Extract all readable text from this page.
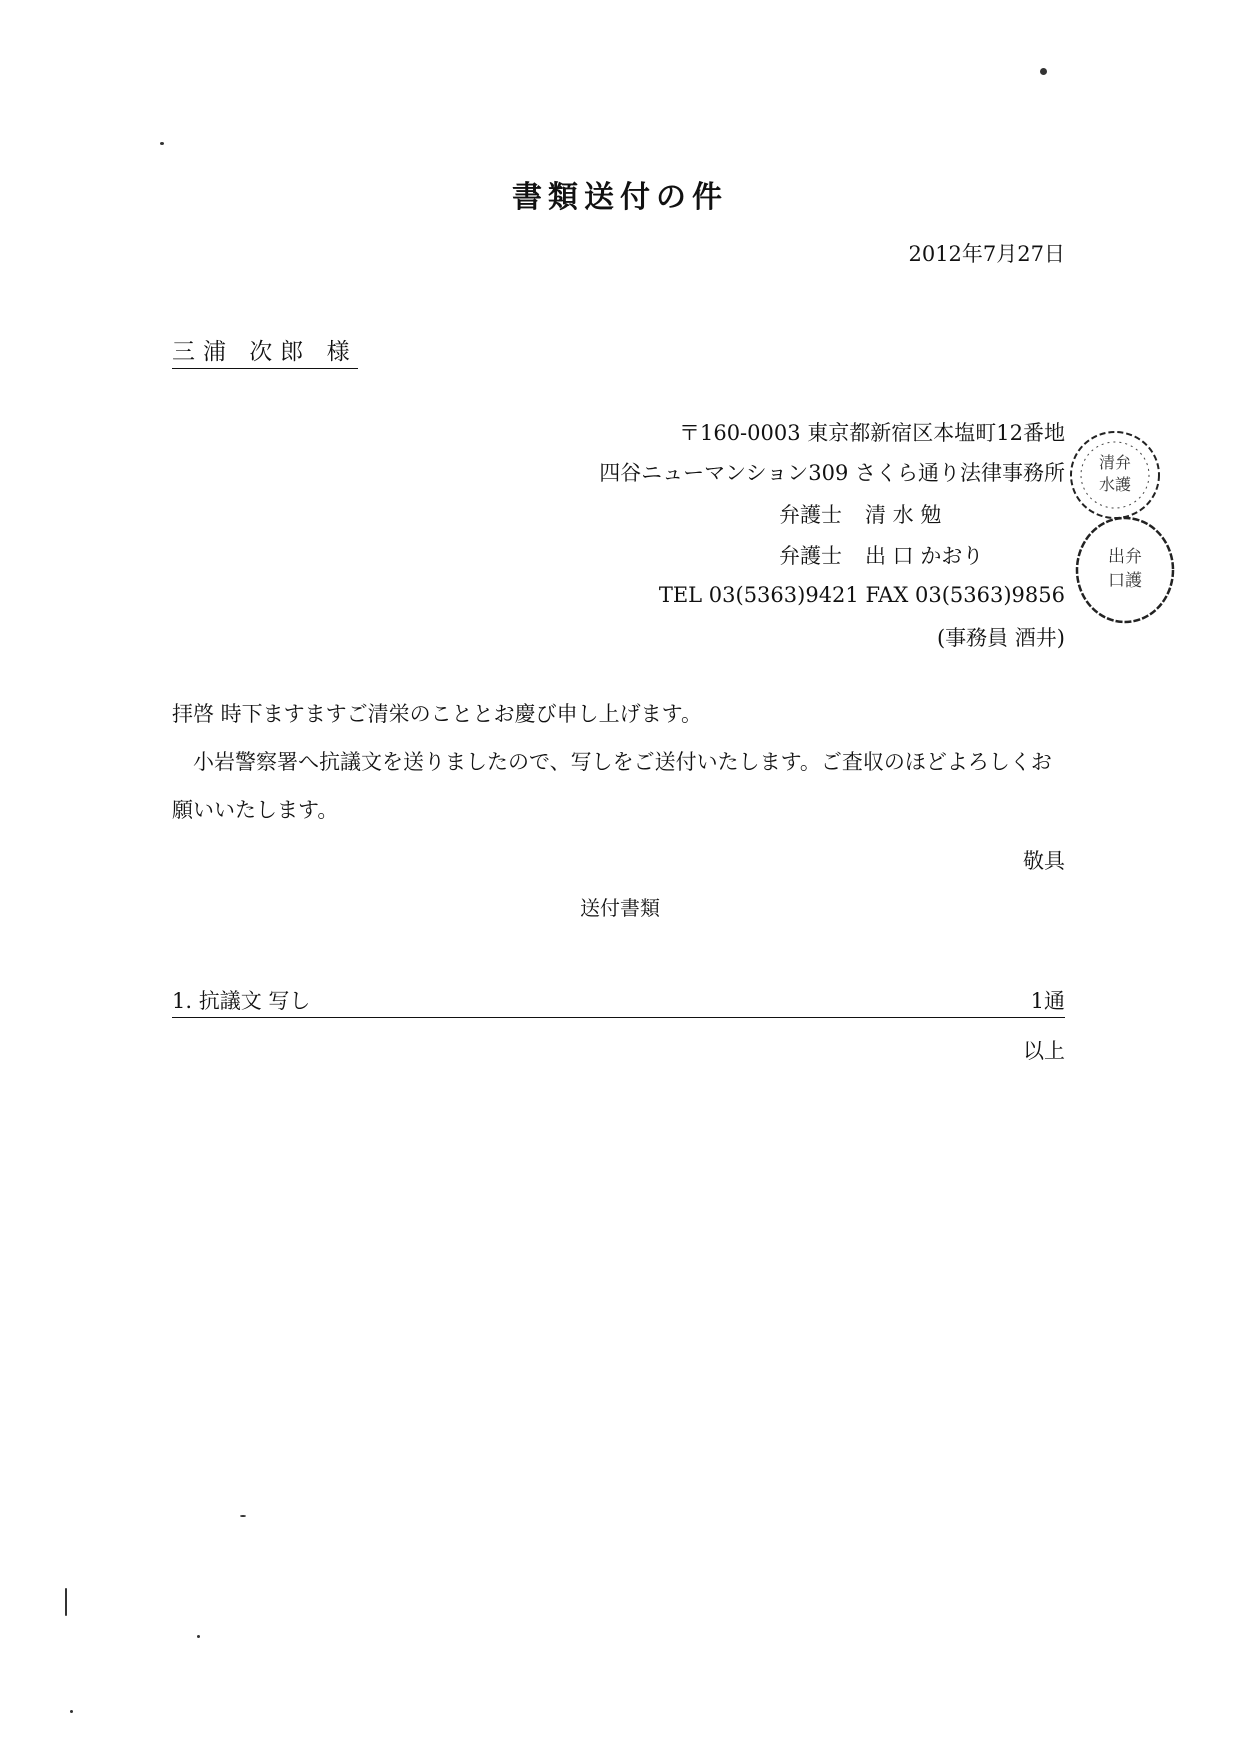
書類送付の件
2012年7月27日
三浦 次郎 様
〒160-0003 東京都新宿区本塩町12番地
四谷ニューマンション309 さくら通り法律事務所
弁護士	清 水 勉
弁護士	出 口 かおり
TEL 03(5363)9421 FAX 03(5363)9856
(事務員 酒井)
清弁
水護
出弁
口護
拝啓 時下ますますご清栄のこととお慶び申し上げます。
小岩警察署へ抗議文を送りましたので、写しをご送付いたします。ご査収のほどよろしくお願いいたします。
敬具
送付書類
1. 抗議文 写し	1通
以上
